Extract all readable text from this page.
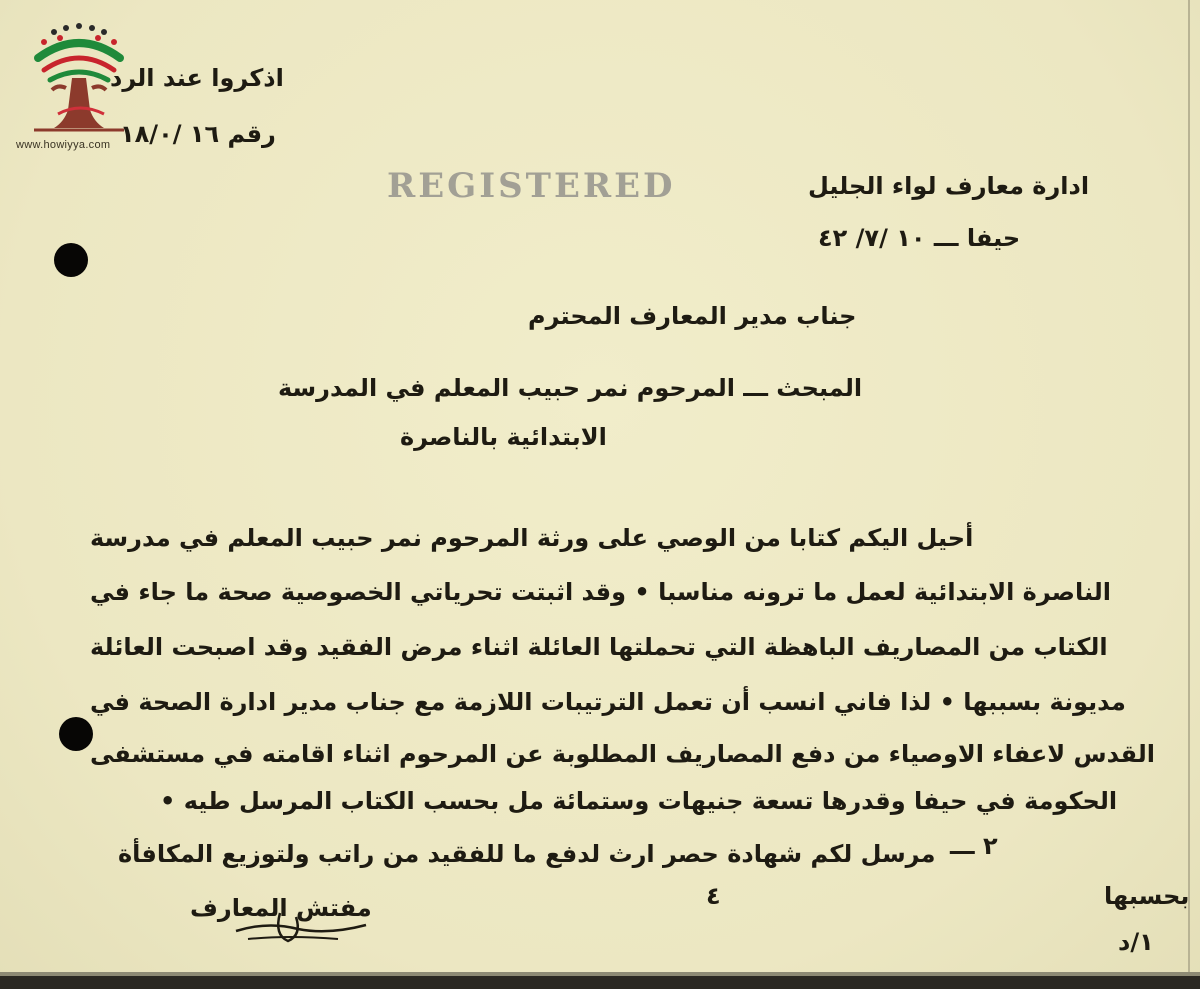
www.howiyya.com
اذكروا عند الرد
رقم ١٦ /١٨/٠
REGISTERED	ادارة معارف لواء الجليل
حيفا ـــ ١٠ /٧/ ٤٢
جناب مدير المعارف المحترم
المبحث ـــ المرحوم نمر حبيب المعلم في المدرسة
الابتدائية بالناصرة
أحيل اليكم كتابا من الوصي على ورثة المرحوم نمر حبيب المعلم في مدرسة
الناصرة الابتدائية لعمل ما ترونه مناسبا • وقد اثبتت تحرياتي الخصوصية صحة ما جاء في
الكتاب من المصاريف الباهظة التي تحملتها العائلة اثناء مرض الفقيد وقد اصبحت العائلة
مديونة بسببها • لذا فاني انسب أن تعمل الترتيبات اللازمة مع جناب مدير ادارة الصحة في
القدس لاعفاء الاوصياء من دفع المصاريف المطلوبة عن المرحوم اثناء اقامته في مستشفى
الحكومة في حيفا وقدرها تسعة جنيهات وستمائة مل بحسب الكتاب المرسل طيه •
٢ ـــ
مرسل لكم شهادة حصر ارث لدفع ما للفقيد من راتب ولتوزيع المكافأة
بحسبها
٤
مفتش المعارف
١/د
